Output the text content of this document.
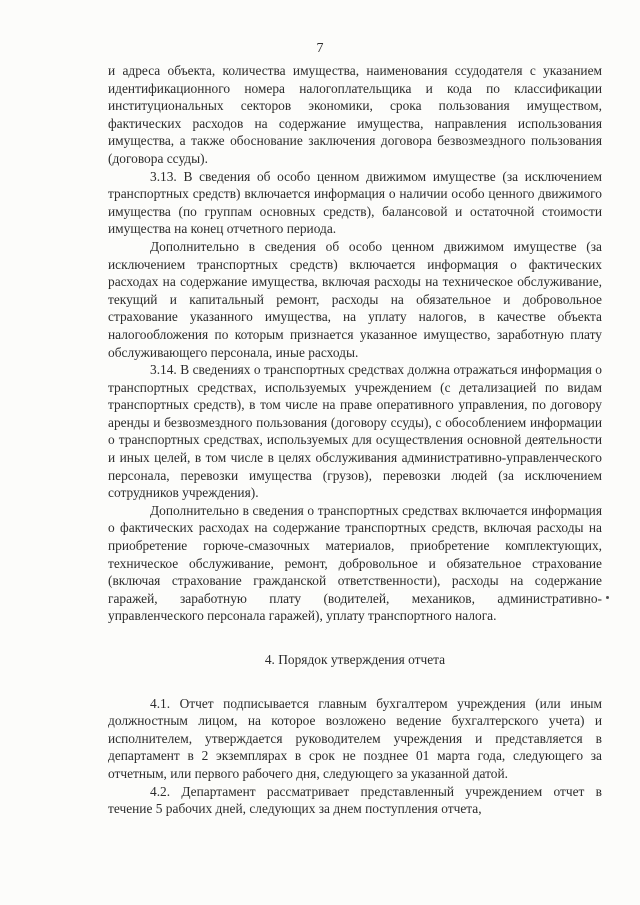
7

и адреса объекта, количества имущества, наименования ссудодателя с указанием идентификационного номера налогоплательщика и кода по классификации институциональных секторов экономики, срока пользования имуществом, фактических расходов на содержание имущества, направления использования имущества, а также обоснование заключения договора безвозмездного пользования (договора ссуды).

3.13. В сведения об особо ценном движимом имуществе (за исключением транспортных средств) включается информация о наличии особо ценного движимого имущества (по группам основных средств), балансовой и остаточной стоимости имущества на конец отчетного периода.

Дополнительно в сведения об особо ценном движимом имуществе (за исключением транспортных средств) включается информация о фактических расходах на содержание имущества, включая расходы на техническое обслуживание, текущий и капитальный ремонт, расходы на обязательное и добровольное страхование указанного имущества, на уплату налогов, в качестве объекта налогообложения по которым признается указанное имущество, заработную плату обслуживающего персонала, иные расходы.

3.14. В сведениях о транспортных средствах должна отражаться информация о транспортных средствах, используемых учреждением (с детализацией по видам транспортных средств), в том числе на праве оперативного управления, по договору аренды и безвозмездного пользования (договору ссуды), с обособлением информации о транспортных средствах, используемых для осуществления основной деятельности и иных целей, в том числе в целях обслуживания административно-управленческого персонала, перевозки имущества (грузов), перевозки людей (за исключением сотрудников учреждения).

Дополнительно в сведения о транспортных средствах включается информация о фактических расходах на содержание транспортных средств, включая расходы на приобретение горюче-смазочных материалов, приобретение комплектующих, техническое обслуживание, ремонт, добровольное и обязательное страхование (включая страхование гражданской ответственности), расходы на содержание гаражей, заработную плату (водителей, механиков, административно-управленческого персонала гаражей), уплату транспортного налога.

4. Порядок утверждения отчета

4.1. Отчет подписывается главным бухгалтером учреждения (или иным должностным лицом, на которое возложено ведение бухгалтерского учета) и исполнителем, утверждается руководителем учреждения и представляется в департамент в 2 экземплярах в срок не позднее 01 марта года, следующего за отчетным, или первого рабочего дня, следующего за указанной датой.

4.2. Департамент рассматривает представленный учреждением отчет в течение 5 рабочих дней, следующих за днем поступления отчета,
